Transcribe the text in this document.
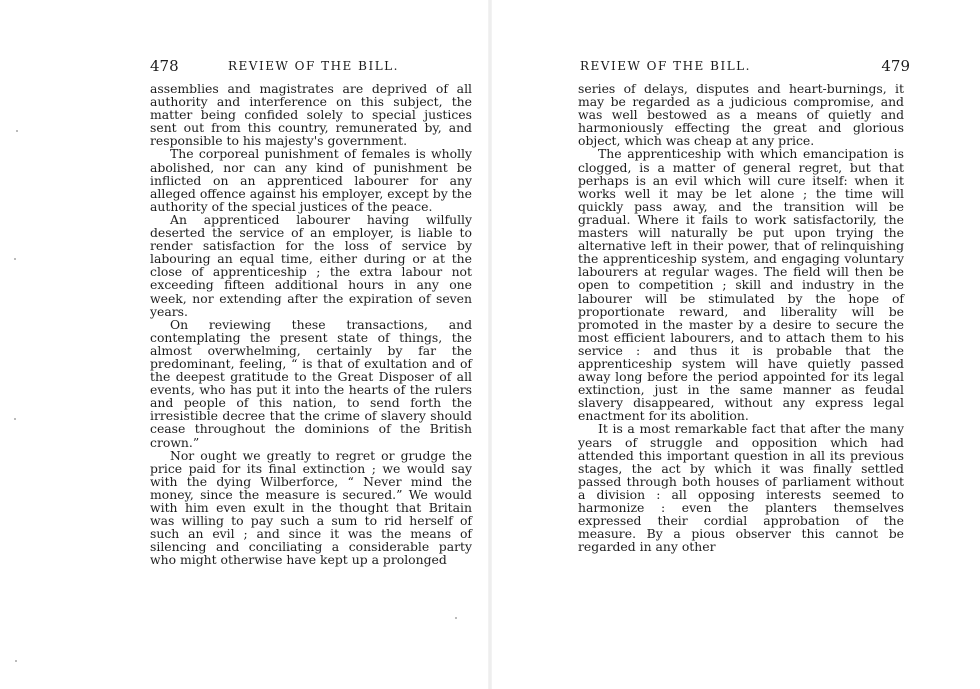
478	REVIEW OF THE BILL.

assemblies and magistrates are deprived of all authority and interference on this subject, the matter being confided solely to special justices sent out from this country, remunerated by, and responsible to his majesty's government.

The corporeal punishment of females is wholly abolished, nor can any kind of punishment be inflicted on an apprenticed labourer for any alleged offence against his employer, except by the authority of the special justices of the peace.

An apprenticed labourer having wilfully deserted the service of an employer, is liable to render satisfaction for the loss of service by labouring an equal time, either during or at the close of apprenticeship ; the extra labour not exceeding fifteen additional hours in any one week, nor extending after the expiration of seven years.

On reviewing these transactions, and contemplating the present state of things, the almost overwhelming, certainly by far the predominant, feeling, “ is that of exultation and of the deepest gratitude to the Great Disposer of all events, who has put it into the hearts of the rulers and people of this nation, to send forth the irresistible decree that the crime of slavery should cease throughout the dominions of the British crown.”

Nor ought we greatly to regret or grudge the price paid for its final extinction ; we would say with the dying Wilberforce, “ Never mind the money, since the measure is secured.” We would with him even exult in the thought that Britain was willing to pay such a sum to rid herself of such an evil ; and since it was the means of silencing and conciliating a considerable party who might otherwise have kept up a prolonged

REVIEW OF THE BILL.	479

series of delays, disputes and heart-burnings, it may be regarded as a judicious compromise, and was well bestowed as a means of quietly and harmoniously effecting the great and glorious object, which was cheap at any price.

The apprenticeship with which emancipation is clogged, is a matter of general regret, but that perhaps is an evil which will cure itself: when it works well it may be let alone ; the time will quickly pass away, and the transition will be gradual. Where it fails to work satisfactorily, the masters will naturally be put upon trying the alternative left in their power, that of relinquishing the apprenticeship system, and engaging voluntary labourers at regular wages. The field will then be open to competition ; skill and industry in the labourer will be stimulated by the hope of proportionate reward, and liberality will be promoted in the master by a desire to secure the most efficient labourers, and to attach them to his service : and thus it is probable that the apprenticeship system will have quietly passed away long before the period appointed for its legal extinction, just in the same manner as feudal slavery disappeared, without any express legal enactment for its abolition.

It is a most remarkable fact that after the many years of struggle and opposition which had attended this important question in all its previous stages, the act by which it was finally settled passed through both houses of parliament without a division : all opposing interests seemed to harmonize : even the planters themselves expressed their cordial approbation of the measure. By a pious observer this cannot be regarded in any other
